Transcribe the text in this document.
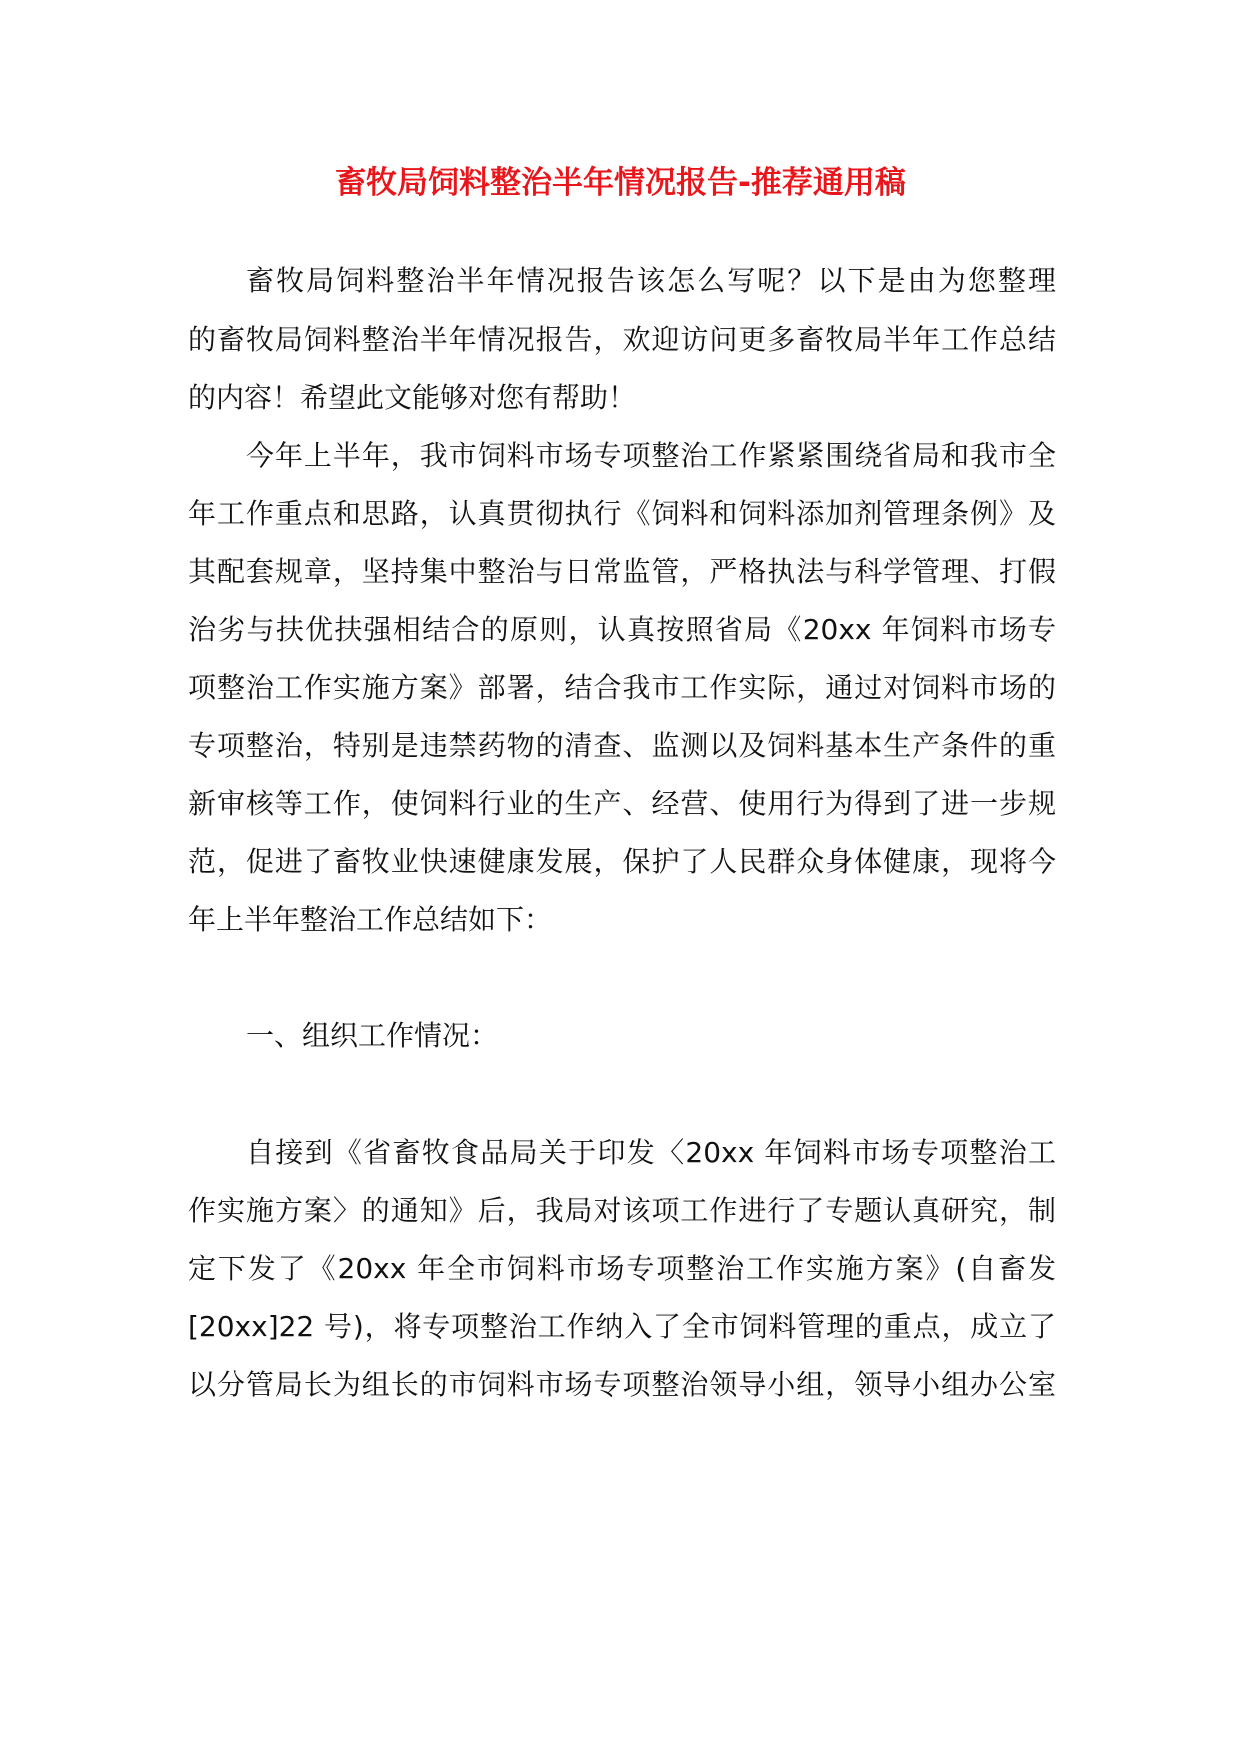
畜牧局饲料整治半年情况报告-推荐通用稿

畜牧局饲料整治半年情况报告该怎么写呢？以下是由为您整理

的畜牧局饲料整治半年情况报告，欢迎访问更多畜牧局半年工作总结

的内容！希望此文能够对您有帮助！

今年上半年，我市饲料市场专项整治工作紧紧围绕省局和我市全

年工作重点和思路，认真贯彻执行《饲料和饲料添加剂管理条例》及

其配套规章，坚持集中整治与日常监管，严格执法与科学管理、打假

治劣与扶优扶强相结合的原则，认真按照省局《20xx 年饲料市场专

项整治工作实施方案》部署，结合我市工作实际，通过对饲料市场的

专项整治，特别是违禁药物的清查、监测以及饲料基本生产条件的重

新审核等工作，使饲料行业的生产、经营、使用行为得到了进一步规

范，促进了畜牧业快速健康发展，保护了人民群众身体健康，现将今

年上半年整治工作总结如下：

一、组织工作情况：

自接到《省畜牧食品局关于印发〈20xx 年饲料市场专项整治工

作实施方案〉的通知》后，我局对该项工作进行了专题认真研究，制

定下发了《20xx 年全市饲料市场专项整治工作实施方案》(自畜发

[20xx]22 号)，将专项整治工作纳入了全市饲料管理的重点，成立了

以分管局长为组长的市饲料市场专项整治领导小组，领导小组办公室
